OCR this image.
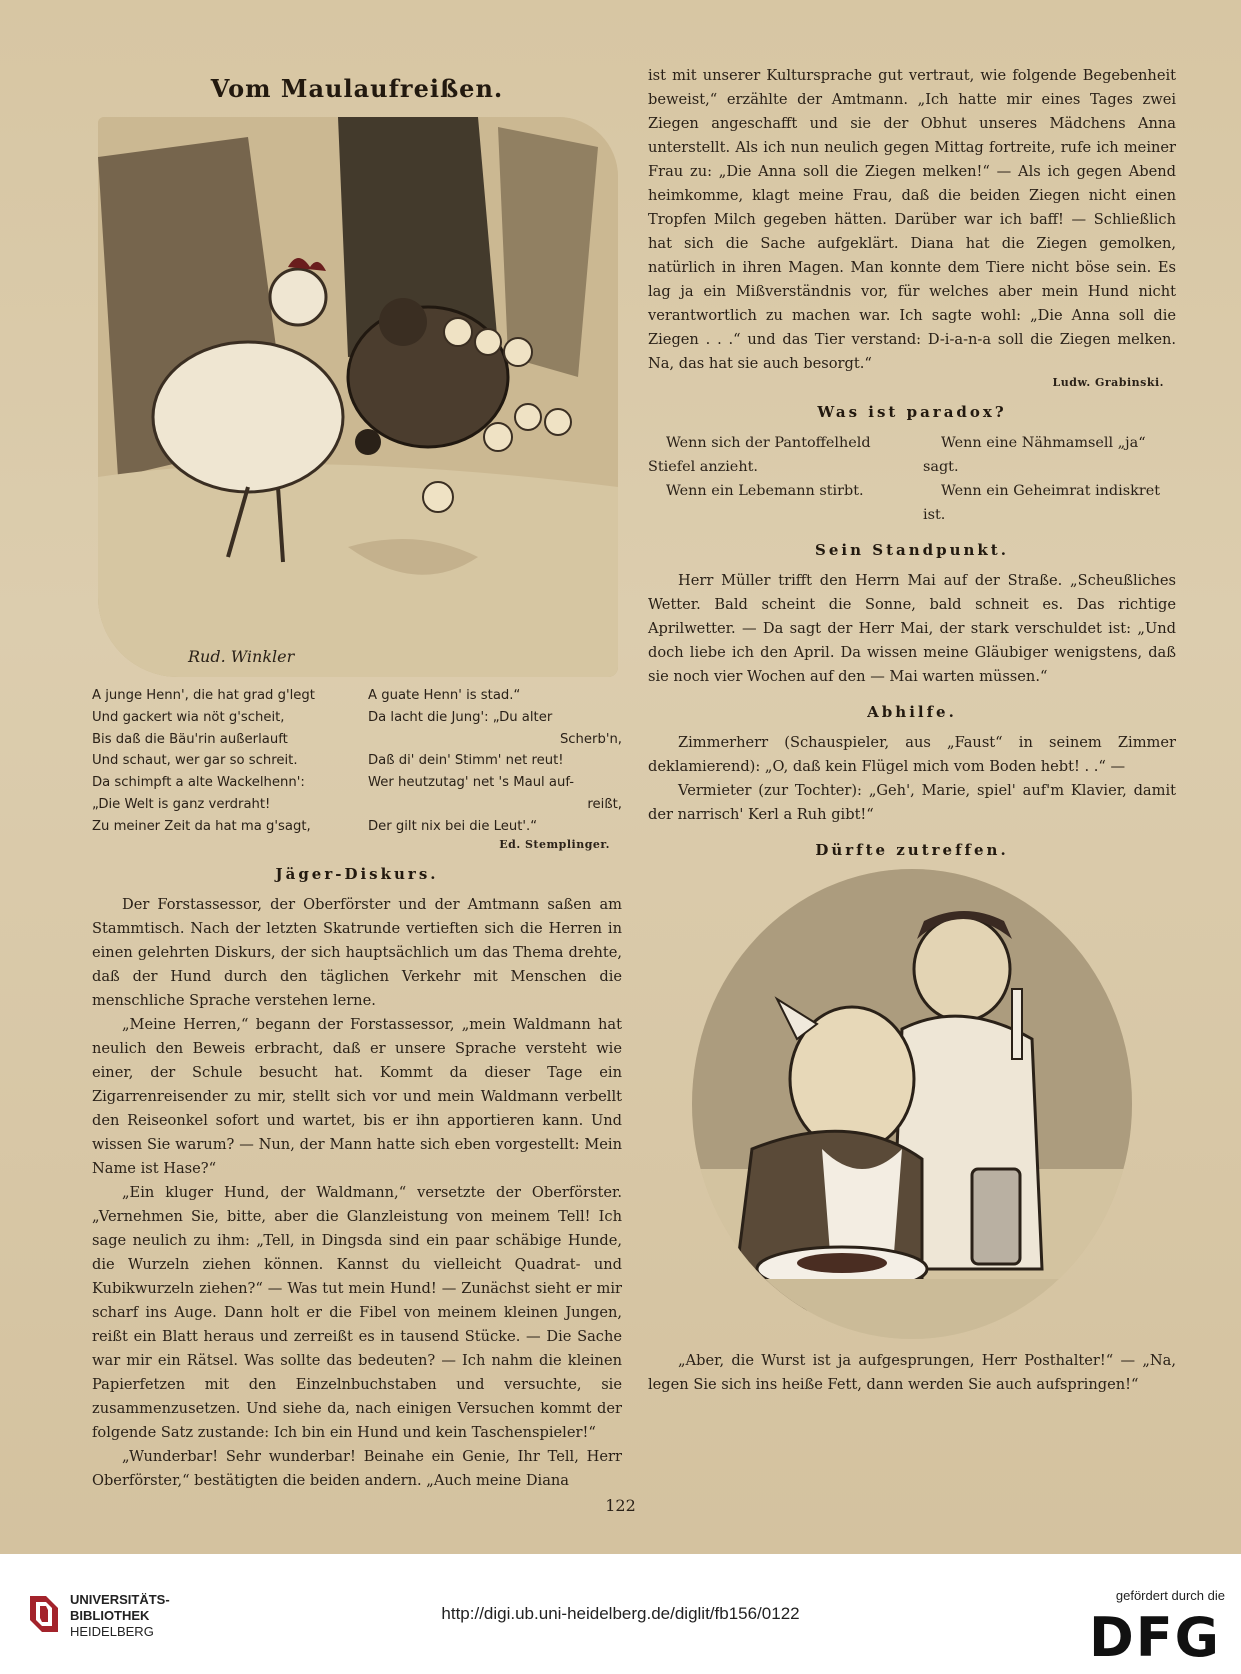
Vom Maulaufreißen.
Rud. Winkler
A junge Henn', die hat grad g'legt
Und gackert wia nöt g'scheit,
Bis daß die Bäu'rin außerlauft
Und schaut, wer gar so schreit.
Da schimpft a alte Wackelhenn':
„Die Welt is ganz verdraht!
Zu meiner Zeit da hat ma g'sagt,
A guate Henn' is stad.“
Da lacht die Jung': „Du alter
Scherb'n,
Daß di' dein' Stimm' net reut!
Wer heutzutag' net 's Maul auf-
reißt,
Der gilt nix bei die Leut'.“
Ed. Stemplinger.
Jäger-Diskurs.

Der Forstassessor, der Oberförster und der Amtmann saßen am Stammtisch. Nach der letzten Skatrunde vertieften sich die Herren in einen gelehrten Diskurs, der sich hauptsächlich um das Thema drehte, daß der Hund durch den täglichen Verkehr mit Menschen die menschliche Sprache verstehen lerne.

„Meine Herren,“ begann der Forstassessor, „mein Waldmann hat neulich den Beweis erbracht, daß er unsere Sprache versteht wie einer, der Schule besucht hat. Kommt da dieser Tage ein Zigarrenreisender zu mir, stellt sich vor und mein Waldmann verbellt den Reiseonkel sofort und wartet, bis er ihn apportieren kann. Und wissen Sie warum? — Nun, der Mann hatte sich eben vorgestellt: Mein Name ist Hase?“

„Ein kluger Hund, der Waldmann,“ versetzte der Oberförster. „Vernehmen Sie, bitte, aber die Glanzleistung von meinem Tell! Ich sage neulich zu ihm: „Tell, in Dingsda sind ein paar schäbige Hunde, die Wurzeln ziehen können. Kannst du vielleicht Quadrat- und Kubikwurzeln ziehen?“ — Was tut mein Hund! — Zunächst sieht er mir scharf ins Auge. Dann holt er die Fibel von meinem kleinen Jungen, reißt ein Blatt heraus und zerreißt es in tausend Stücke. — Die Sache war mir ein Rätsel. Was sollte das bedeuten? — Ich nahm die kleinen Papierfetzen mit den Einzelnbuchstaben und versuchte, sie zusammenzusetzen. Und siehe da, nach einigen Versuchen kommt der folgende Satz zustande: Ich bin ein Hund und kein Taschenspieler!“

„Wunderbar! Sehr wunderbar! Beinahe ein Genie, Ihr Tell, Herr Oberförster,“ bestätigten die beiden andern. „Auch meine Diana

ist mit unserer Kultursprache gut vertraut, wie folgende Begebenheit beweist,“ erzählte der Amtmann. „Ich hatte mir eines Tages zwei Ziegen angeschafft und sie der Obhut unseres Mädchens Anna unterstellt. Als ich nun neulich gegen Mittag fortreite, rufe ich meiner Frau zu: „Die Anna soll die Ziegen melken!“ — Als ich gegen Abend heimkomme, klagt meine Frau, daß die beiden Ziegen nicht einen Tropfen Milch gegeben hätten. Darüber war ich baff! — Schließlich hat sich die Sache aufgeklärt. Diana hat die Ziegen gemolken, natürlich in ihren Magen. Man konnte dem Tiere nicht böse sein. Es lag ja ein Mißverständnis vor, für welches aber mein Hund nicht verantwortlich zu machen war. Ich sagte wohl: „Die Anna soll die Ziegen . . .“ und das Tier verstand: D-i-a-n-a soll die Ziegen melken. Na, das hat sie auch besorgt.“

Ludw. Grabinski.
Was ist paradox?
Wenn sich der Pantoffelheld Stiefel anzieht.
Wenn eine Nähmamsell „ja“ sagt.
Wenn ein Lebemann stirbt.	Wenn ein Geheimrat indiskret ist.
Sein Standpunkt.

Herr Müller trifft den Herrn Mai auf der Straße. „Scheußliches Wetter. Bald scheint die Sonne, bald schneit es. Das richtige Aprilwetter. — Da sagt der Herr Mai, der stark verschuldet ist: „Und doch liebe ich den April. Da wissen meine Gläubiger wenigstens, daß sie noch vier Wochen auf den — Mai warten müssen.“

Abhilfe.

Zimmerherr (Schauspieler, aus „Faust“ in seinem Zimmer deklamierend): „O, daß kein Flügel mich vom Boden hebt! . .“ —

Vermieter (zur Tochter): „Geh', Marie, spiel' auf'm Klavier, damit der narrisch' Kerl a Ruh gibt!“

Dürfte zutreffen.

„Aber, die Wurst ist ja aufgesprungen, Herr Posthalter!“ — „Na, legen Sie sich ins heiße Fett, dann werden Sie auch aufspringen!“

122
UNIVERSITÄTS-
BIBLIOTHEK
HEIDELBERG
http://digi.ub.uni-heidelberg.de/diglit/fb156/0122
gefördert durch die
DFG
